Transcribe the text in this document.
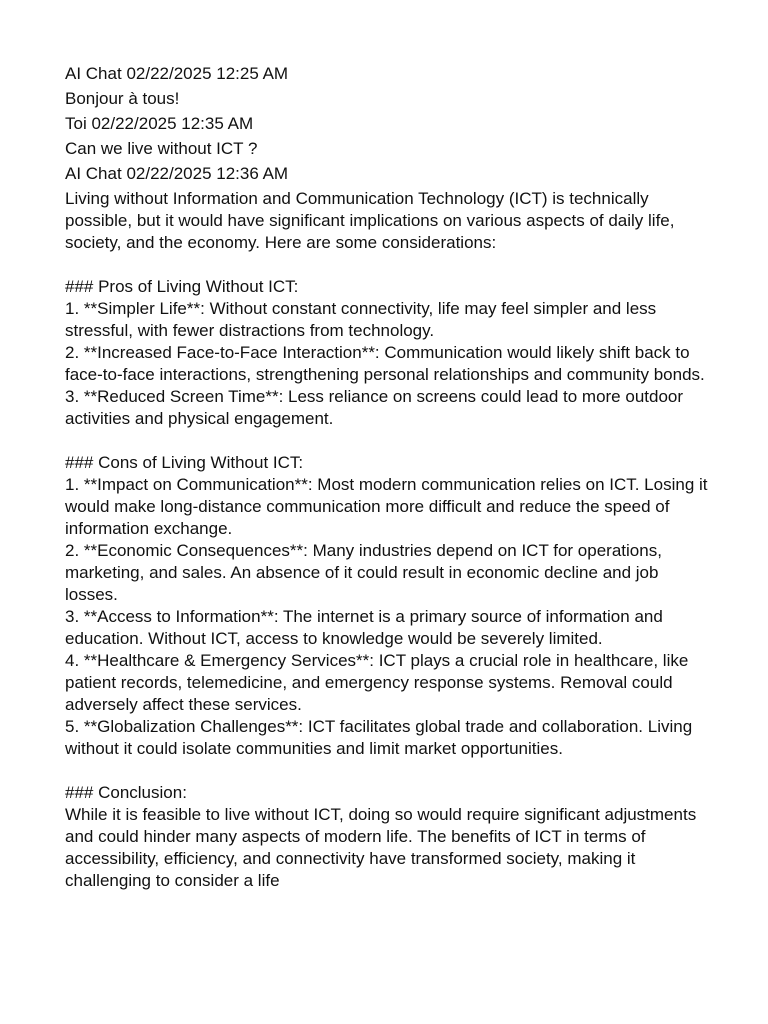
AI Chat 02/22/2025 12:25 AM
Bonjour à tous!
Toi 02/22/2025 12:35 AM
Can we live without ICT ?
AI Chat 02/22/2025 12:36 AM
Living without Information and Communication Technology (ICT) is technically possible, but it would have significant implications on various aspects of daily life, society, and the economy. Here are some considerations:

### Pros of Living Without ICT:
1. **Simpler Life**: Without constant connectivity, life may feel simpler and less stressful, with fewer distractions from technology.
2. **Increased Face-to-Face Interaction**: Communication would likely shift back to face-to-face interactions, strengthening personal relationships and community bonds.
3. **Reduced Screen Time**: Less reliance on screens could lead to more outdoor activities and physical engagement.

### Cons of Living Without ICT:
1. **Impact on Communication**: Most modern communication relies on ICT. Losing it would make long-distance communication more difficult and reduce the speed of information exchange.
2. **Economic Consequences**: Many industries depend on ICT for operations, marketing, and sales. An absence of it could result in economic decline and job losses.
3. **Access to Information**: The internet is a primary source of information and education. Without ICT, access to knowledge would be severely limited.
4. **Healthcare & Emergency Services**: ICT plays a crucial role in healthcare, like patient records, telemedicine, and emergency response systems. Removal could adversely affect these services.
5. **Globalization Challenges**: ICT facilitates global trade and collaboration. Living without it could isolate communities and limit market opportunities.

### Conclusion:
While it is feasible to live without ICT, doing so would require significant adjustments and could hinder many aspects of modern life. The benefits of ICT in terms of accessibility, efficiency, and connectivity have transformed society, making it challenging to consider a life
